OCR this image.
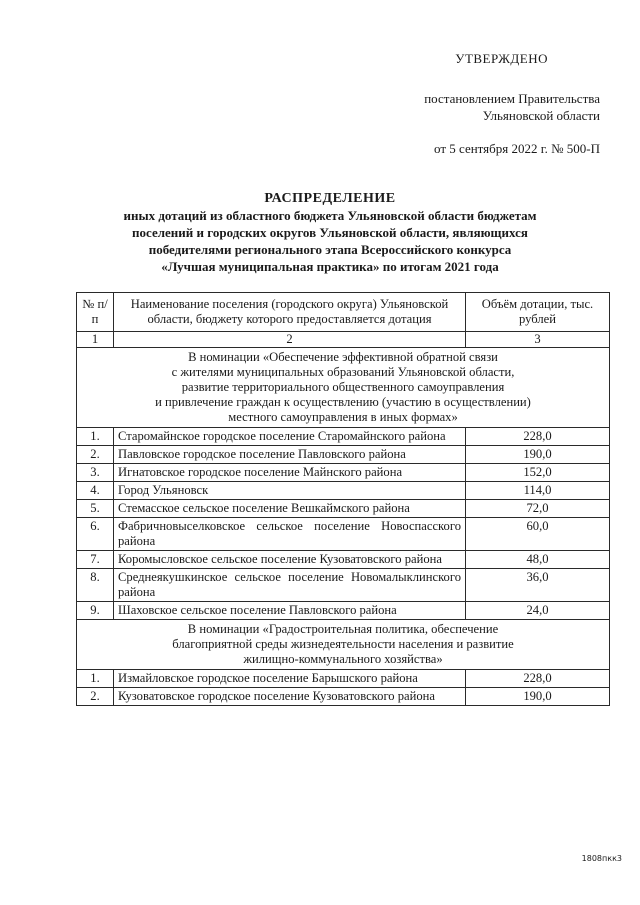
УТВЕРЖДЕНО
постановлением Правительства
Ульяновской области
от 5 сентября 2022 г. № 500-П
РАСПРЕДЕЛЕНИЕ
иных дотаций из областного бюджета Ульяновской области бюджетам
поселений и городских округов Ульяновской области, являющихся
победителями регионального этапа Всероссийского конкурса
«Лучшая муниципальная практика» по итогам 2021 года
№ п/п	Наименование поселения (городского округа) Ульяновской области, бюджету которого предоставляется дотация	Объём дотации, тыс. рублей
1	2	3

В номинации «Обеспечение эффективной обратной связи
с жителями муниципальных образований Ульяновской области,
развитие территориального общественного самоуправления
и привлечение граждан к осуществлению (участию в осуществлении)
местного самоуправления в иных формах»		

1.	Старомайнское городское поселение Старомайнского района	228,0
2.	Павловское городское поселение Павловского района	190,0
3.	Игнатовское городское поселение Майнского района	152,0
4.	Город Ульяновск	114,0
5.	Стемасское сельское поселение Вешкаймского района	72,0
6.	Фабричновыселковское сельское поселение Новоспасского района	60,0
7.	Коромысловское сельское поселение Кузоватовского района	48,0
8.	Среднеякушкинское сельское поселение Новомалыклинского района	36,0
9.	Шаховское сельское поселение Павловского района	24,0

В номинации «Градостроительная политика, обеспечение
благоприятной среды жизнедеятельности населения и развитие
жилищно-коммунального хозяйства»		

1.	Измайловское городское поселение Барышского района	228,0
2.	Кузоватовское городское поселение Кузоватовского района	190,0
1808пкк3
